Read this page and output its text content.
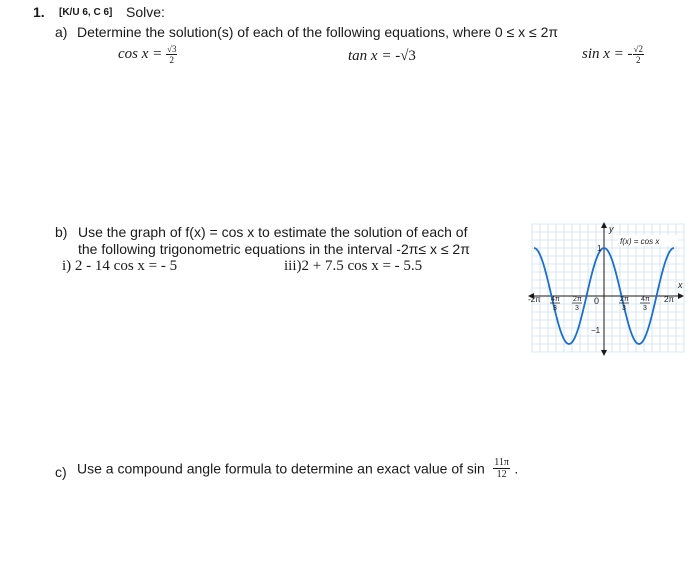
1. [K/U 6, C 6] Solve:
a) Determine the solution(s) of each of the following equations, where 0 ≤ x ≤ 2π
$\cos x = \frac{√3}{2}$	tan x = -√3	sin x = - $\frac{√2}{2}$
b) Use the graph of f(x) = cos x to estimate the solution of each of
the following trigonometric equations in the interval -2π≤ x ≤ 2π
i) 2 - 14 cos x = - 5	iii)2 + 7.5 cos x = - 5.5
f(x) = cos x
y
x
0
1
−1
-2π 4π
3
2π
3
2π
3
4π
3
2π
c) Use a compound angle formula to determine an exact value of $\sin \frac{11\pi}{12}$ .
